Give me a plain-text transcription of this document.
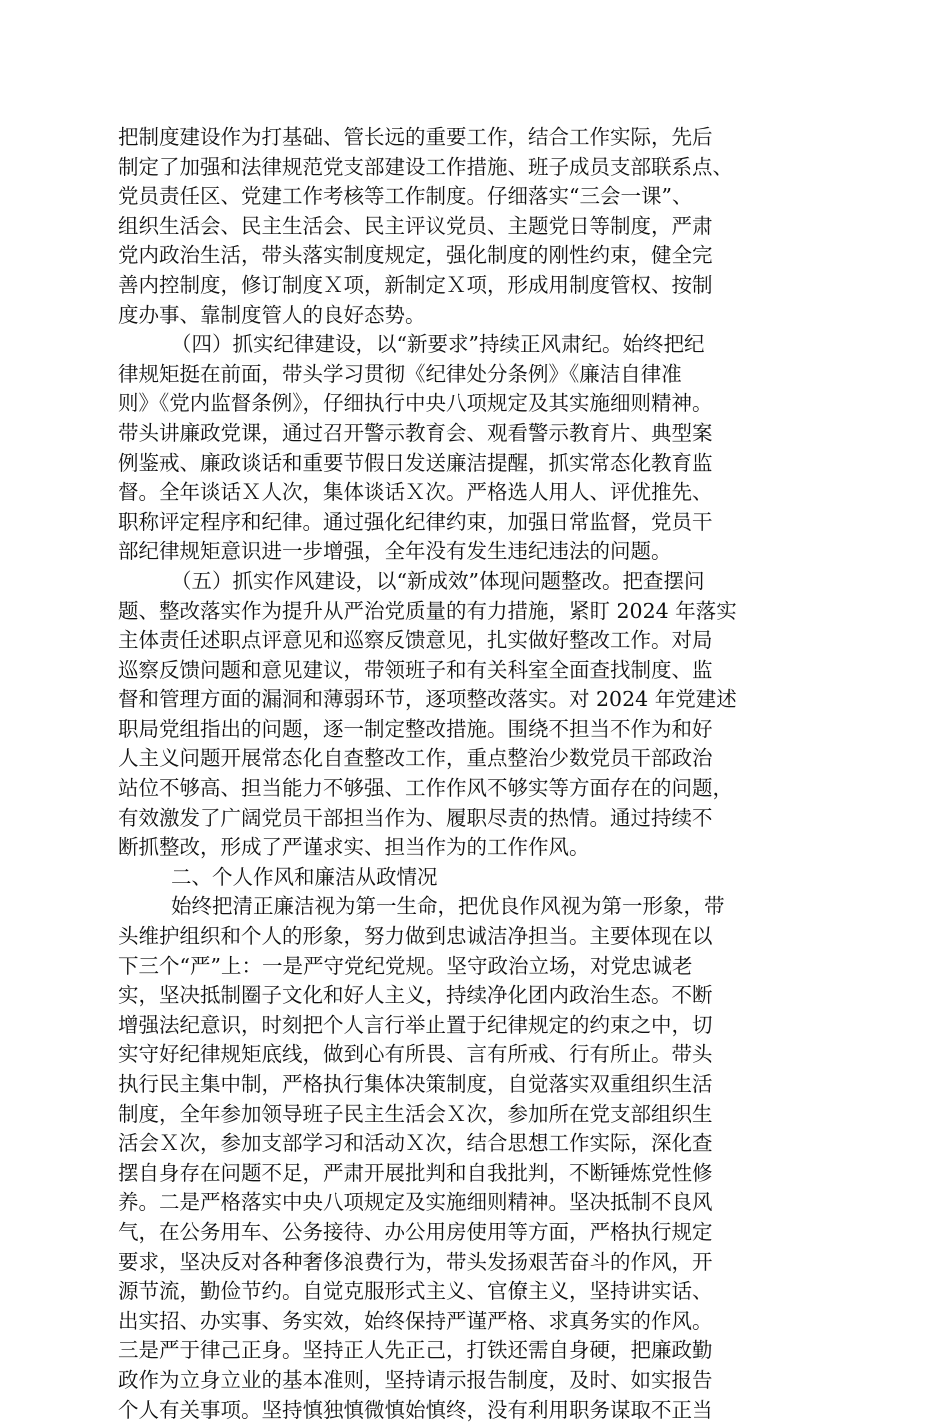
把制度建设作为打基础、管长远的重要工作，结合工作实际，先后
制定了加强和法律规范党支部建设工作措施、班子成员支部联系点、
党员责任区、党建工作考核等工作制度。仔细落实“三会一课”、
组织生活会、民主生活会、民主评议党员、主题党日等制度，严肃
党内政治生活，带头落实制度规定，强化制度的刚性约束，健全完
善内控制度，修订制度Ｘ项，新制定Ｘ项，形成用制度管权、按制
度办事、靠制度管人的良好态势。
（四）抓实纪律建设，以“新要求”持续正风肃纪。始终把纪
律规矩挺在前面，带头学习贯彻《纪律处分条例》《廉洁自律准
则》《党内监督条例》，仔细执行中央八项规定及其实施细则精神。
带头讲廉政党课，通过召开警示教育会、观看警示教育片、典型案
例鉴戒、廉政谈话和重要节假日发送廉洁提醒，抓实常态化教育监
督。全年谈话Ｘ人次，集体谈话Ｘ次。严格选人用人、评优推先、
职称评定程序和纪律。通过强化纪律约束，加强日常监督，党员干
部纪律规矩意识进一步增强，全年没有发生违纪违法的问题。
（五）抓实作风建设，以“新成效”体现问题整改。把查摆问
题、整改落实作为提升从严治党质量的有力措施，紧盯 2024 年落实
主体责任述职点评意见和巡察反馈意见，扎实做好整改工作。对局
巡察反馈问题和意见建议，带领班子和有关科室全面查找制度、监
督和管理方面的漏洞和薄弱环节，逐项整改落实。对 2024 年党建述
职局党组指出的问题，逐一制定整改措施。围绕不担当不作为和好
人主义问题开展常态化自查整改工作，重点整治少数党员干部政治
站位不够高、担当能力不够强、工作作风不够实等方面存在的问题，
有效激发了广阔党员干部担当作为、履职尽责的热情。通过持续不
断抓整改，形成了严谨求实、担当作为的工作作风。
二、个人作风和廉洁从政情况
始终把清正廉洁视为第一生命，把优良作风视为第一形象，带
头维护组织和个人的形象，努力做到忠诚洁净担当。主要体现在以
下三个“严”上：一是严守党纪党规。坚守政治立场，对党忠诚老
实，坚决抵制圈子文化和好人主义，持续净化团内政治生态。不断
增强法纪意识，时刻把个人言行举止置于纪律规定的约束之中，切
实守好纪律规矩底线，做到心有所畏、言有所戒、行有所止。带头
执行民主集中制，严格执行集体决策制度，自觉落实双重组织生活
制度，全年参加领导班子民主生活会Ｘ次，参加所在党支部组织生
活会Ｘ次，参加支部学习和活动Ｘ次，结合思想工作实际，深化查
摆自身存在问题不足，严肃开展批判和自我批判，不断锤炼党性修
养。二是严格落实中央八项规定及实施细则精神。坚决抵制不良风
气，在公务用车、公务接待、办公用房使用等方面，严格执行规定
要求，坚决反对各种奢侈浪费行为，带头发扬艰苦奋斗的作风，开
源节流，勤俭节约。自觉克服形式主义、官僚主义，坚持讲实话、
出实招、办实事、务实效，始终保持严谨严格、求真务实的作风。
三是严于律己正身。坚持正人先正己，打铁还需自身硬，把廉政勤
政作为立身立业的基本准则，坚持请示报告制度，及时、如实报告
个人有关事项。坚持慎独慎微慎始慎终，没有利用职务谋取不正当
